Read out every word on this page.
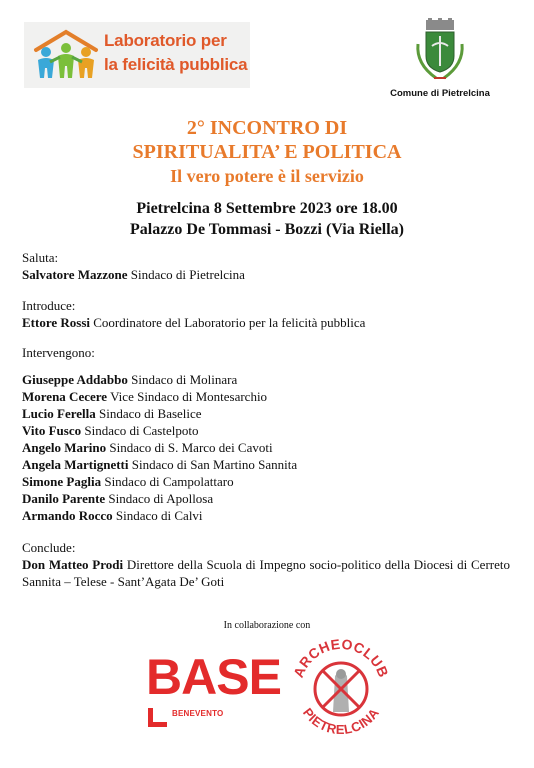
Laboratorio per
la felicità pubblica
Comune di Pietrelcina
2° INCONTRO DI
SPIRITUALITA’ E POLITICA
Il vero potere è il servizio
Pietrelcina 8 Settembre 2023 ore 18.00
Palazzo De Tommasi - Bozzi (Via Riella)
Saluta:
Salvatore Mazzone Sindaco di Pietrelcina
Introduce:
Ettore Rossi Coordinatore del Laboratorio per la felicità pubblica
Intervengono:
Giuseppe Addabbo Sindaco di Molinara
Morena Cecere Vice Sindaco di Montesarchio
Lucio Ferella Sindaco di Baselice
Vito Fusco Sindaco di Castelpoto
Angelo Marino Sindaco di S. Marco dei Cavoti
Angela Martignetti Sindaco di San Martino Sannita
Simone Paglia Sindaco di Campolattaro
Danilo Parente Sindaco di Apollosa
Armando Rocco Sindaco di Calvi
Conclude:
Don Matteo Prodi Direttore della Scuola di Impegno socio-politico della Diocesi di Cerreto Sannita – Telese - Sant’Agata De’ Goti
In collaborazione con
BASE
BENEVENTO
ARCHEOCLUB
PIETRELCINA
